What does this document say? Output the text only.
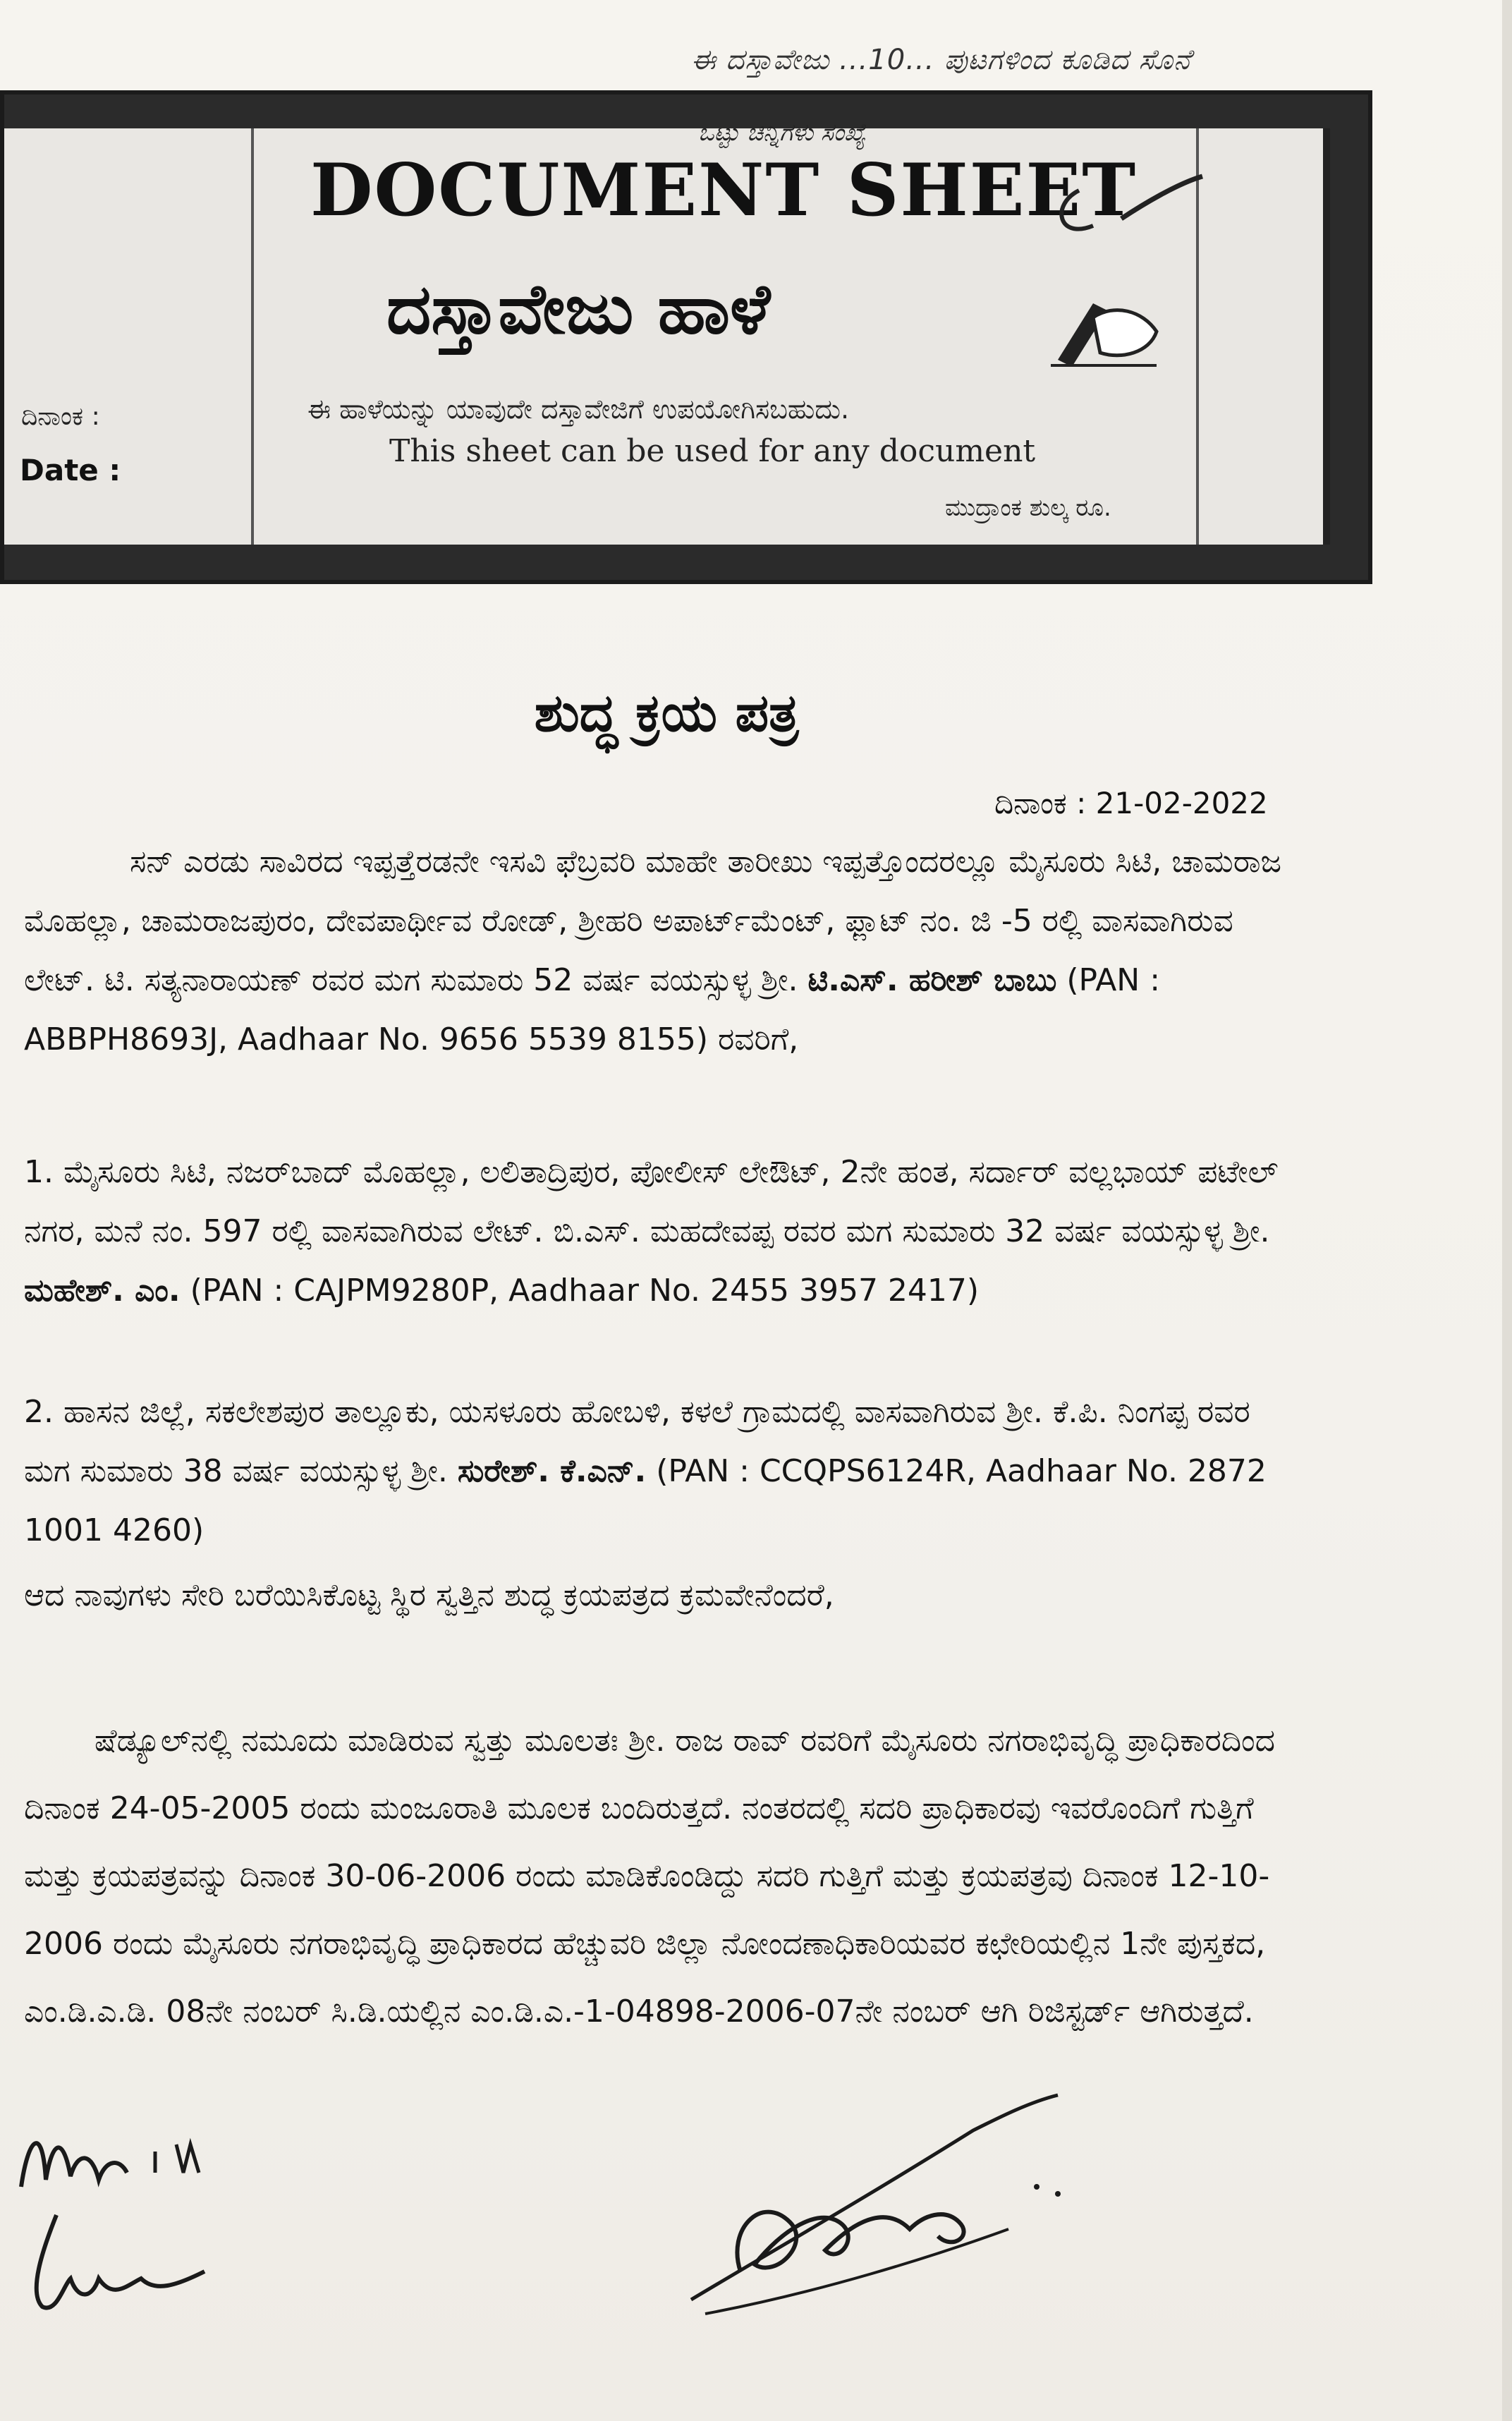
ಈ ದಸ್ತಾವೇಜು ...10... ಪುಟಗಳಿಂದ ಕೂಡಿದ ಸೊನೆ
ಒಟ್ಟು ಚಿನ್ನಿಗಳು ಸಂಖ್ಯೆ
DOCUMENT SHEET
ದಸ್ತಾವೇಜು ಹಾಳೆ
ದಿನಾಂಕ :
Date :
ಈ ಹಾಳೆಯನ್ನು ಯಾವುದೇ ದಸ್ತಾವೇಜಿಗೆ ಉಪಯೋಗಿಸಬಹುದು.
This sheet can be used for any document
ಮುದ್ರಾಂಕ ಶುಲ್ಕ ರೂ.
ಶುದ್ಧ ಕ್ರಯ ಪತ್ರ
ದಿನಾಂಕ : 21-02-2022
ಸನ್ ಎರಡು ಸಾವಿರದ ಇಪ್ಪತ್ತೆರಡನೇ ಇಸವಿ ಫೆಬ್ರವರಿ ಮಾಹೇ ತಾರೀಖು ಇಪ್ಪತ್ತೊಂದರಲ್ಲೂ ಮೈಸೂರು ಸಿಟಿ, ಚಾಮರಾಜ ಮೊಹಲ್ಲಾ, ಚಾಮರಾಜಪುರಂ, ದೇವಪಾರ್ಥೀವ ರೋಡ್, ಶ್ರೀಹರಿ ಅಪಾರ್ಟ್‌ಮೆಂಟ್, ಫ್ಲಾಟ್ ನಂ. ಜಿ -5 ರಲ್ಲಿ ವಾಸವಾಗಿರುವ ಲೇಟ್. ಟಿ. ಸತ್ಯನಾರಾಯಣ್ ರವರ ಮಗ ಸುಮಾರು 52 ವರ್ಷ ವಯಸ್ಸುಳ್ಳ ಶ್ರೀ. ಟಿ.ಎಸ್. ಹರೀಶ್ ಬಾಬು (PAN : ABBPH8693J, Aadhaar No. 9656 5539 8155) ರವರಿಗೆ,
1. ಮೈಸೂರು ಸಿಟಿ, ನಜರ್‌ಬಾದ್ ಮೊಹಲ್ಲಾ, ಲಲಿತಾದ್ರಿಪುರ, ಪೋಲೀಸ್ ಲೇಔಟ್, 2ನೇ ಹಂತ, ಸರ್ದಾರ್ ವಲ್ಲಭಾಯ್ ಪಟೇಲ್ ನಗರ, ಮನೆ ನಂ. 597 ರಲ್ಲಿ ವಾಸವಾಗಿರುವ ಲೇಟ್. ಬಿ.ಎಸ್. ಮಹದೇವಪ್ಪ ರವರ ಮಗ ಸುಮಾರು 32 ವರ್ಷ ವಯಸ್ಸುಳ್ಳ ಶ್ರೀ. ಮಹೇಶ್. ಎಂ. (PAN : CAJPM9280P, Aadhaar No. 2455 3957 2417)
2. ಹಾಸನ ಜಿಲ್ಲೆ, ಸಕಲೇಶಪುರ ತಾಲ್ಲೂಕು, ಯಸಳೂರು ಹೋಬಳಿ, ಕಳಲೆ ಗ್ರಾಮದಲ್ಲಿ ವಾಸವಾಗಿರುವ ಶ್ರೀ. ಕೆ.ಪಿ. ನಿಂಗಪ್ಪ ರವರ ಮಗ ಸುಮಾರು 38 ವರ್ಷ ವಯಸ್ಸುಳ್ಳ ಶ್ರೀ. ಸುರೇಶ್. ಕೆ.ಎನ್. (PAN : CCQPS6124R, Aadhaar No. 2872 1001 4260)
ಆದ ನಾವುಗಳು ಸೇರಿ ಬರೆಯಿಸಿಕೊಟ್ಟ ಸ್ಥಿರ ಸ್ವತ್ತಿನ ಶುದ್ಧ ಕ್ರಯಪತ್ರದ ಕ್ರಮವೇನೆಂದರೆ,
ಷೆಡ್ಯೂಲ್‌ನಲ್ಲಿ ನಮೂದು ಮಾಡಿರುವ ಸ್ವತ್ತು ಮೂಲತಃ ಶ್ರೀ. ರಾಜ ರಾವ್ ರವರಿಗೆ ಮೈಸೂರು ನಗರಾಭಿವೃದ್ಧಿ ಪ್ರಾಧಿಕಾರದಿಂದ ದಿನಾಂಕ 24-05-2005 ರಂದು ಮಂಜೂರಾತಿ ಮೂಲಕ ಬಂದಿರುತ್ತದೆ. ನಂತರದಲ್ಲಿ ಸದರಿ ಪ್ರಾಧಿಕಾರವು ಇವರೊಂದಿಗೆ ಗುತ್ತಿಗೆ ಮತ್ತು ಕ್ರಯಪತ್ರವನ್ನು ದಿನಾಂಕ 30-06-2006 ರಂದು ಮಾಡಿಕೊಂಡಿದ್ದು ಸದರಿ ಗುತ್ತಿಗೆ ಮತ್ತು ಕ್ರಯಪತ್ರವು ದಿನಾಂಕ 12-10-2006 ರಂದು ಮೈಸೂರು ನಗರಾಭಿವೃದ್ಧಿ ಪ್ರಾಧಿಕಾರದ ಹೆಚ್ಚುವರಿ ಜಿಲ್ಲಾ ನೋಂದಣಾಧಿಕಾರಿಯವರ ಕಛೇರಿಯಲ್ಲಿನ 1ನೇ ಪುಸ್ತಕದ, ಎಂ.ಡಿ.ಎ.ಡಿ. 08ನೇ ನಂಬರ್ ಸಿ.ಡಿ.ಯಲ್ಲಿನ ಎಂ.ಡಿ.ಎ.-1-04898-2006-07ನೇ ನಂಬರ್ ಆಗಿ ರಿಜಿಸ್ಟರ್ಡ್ ಆಗಿರುತ್ತದೆ.
